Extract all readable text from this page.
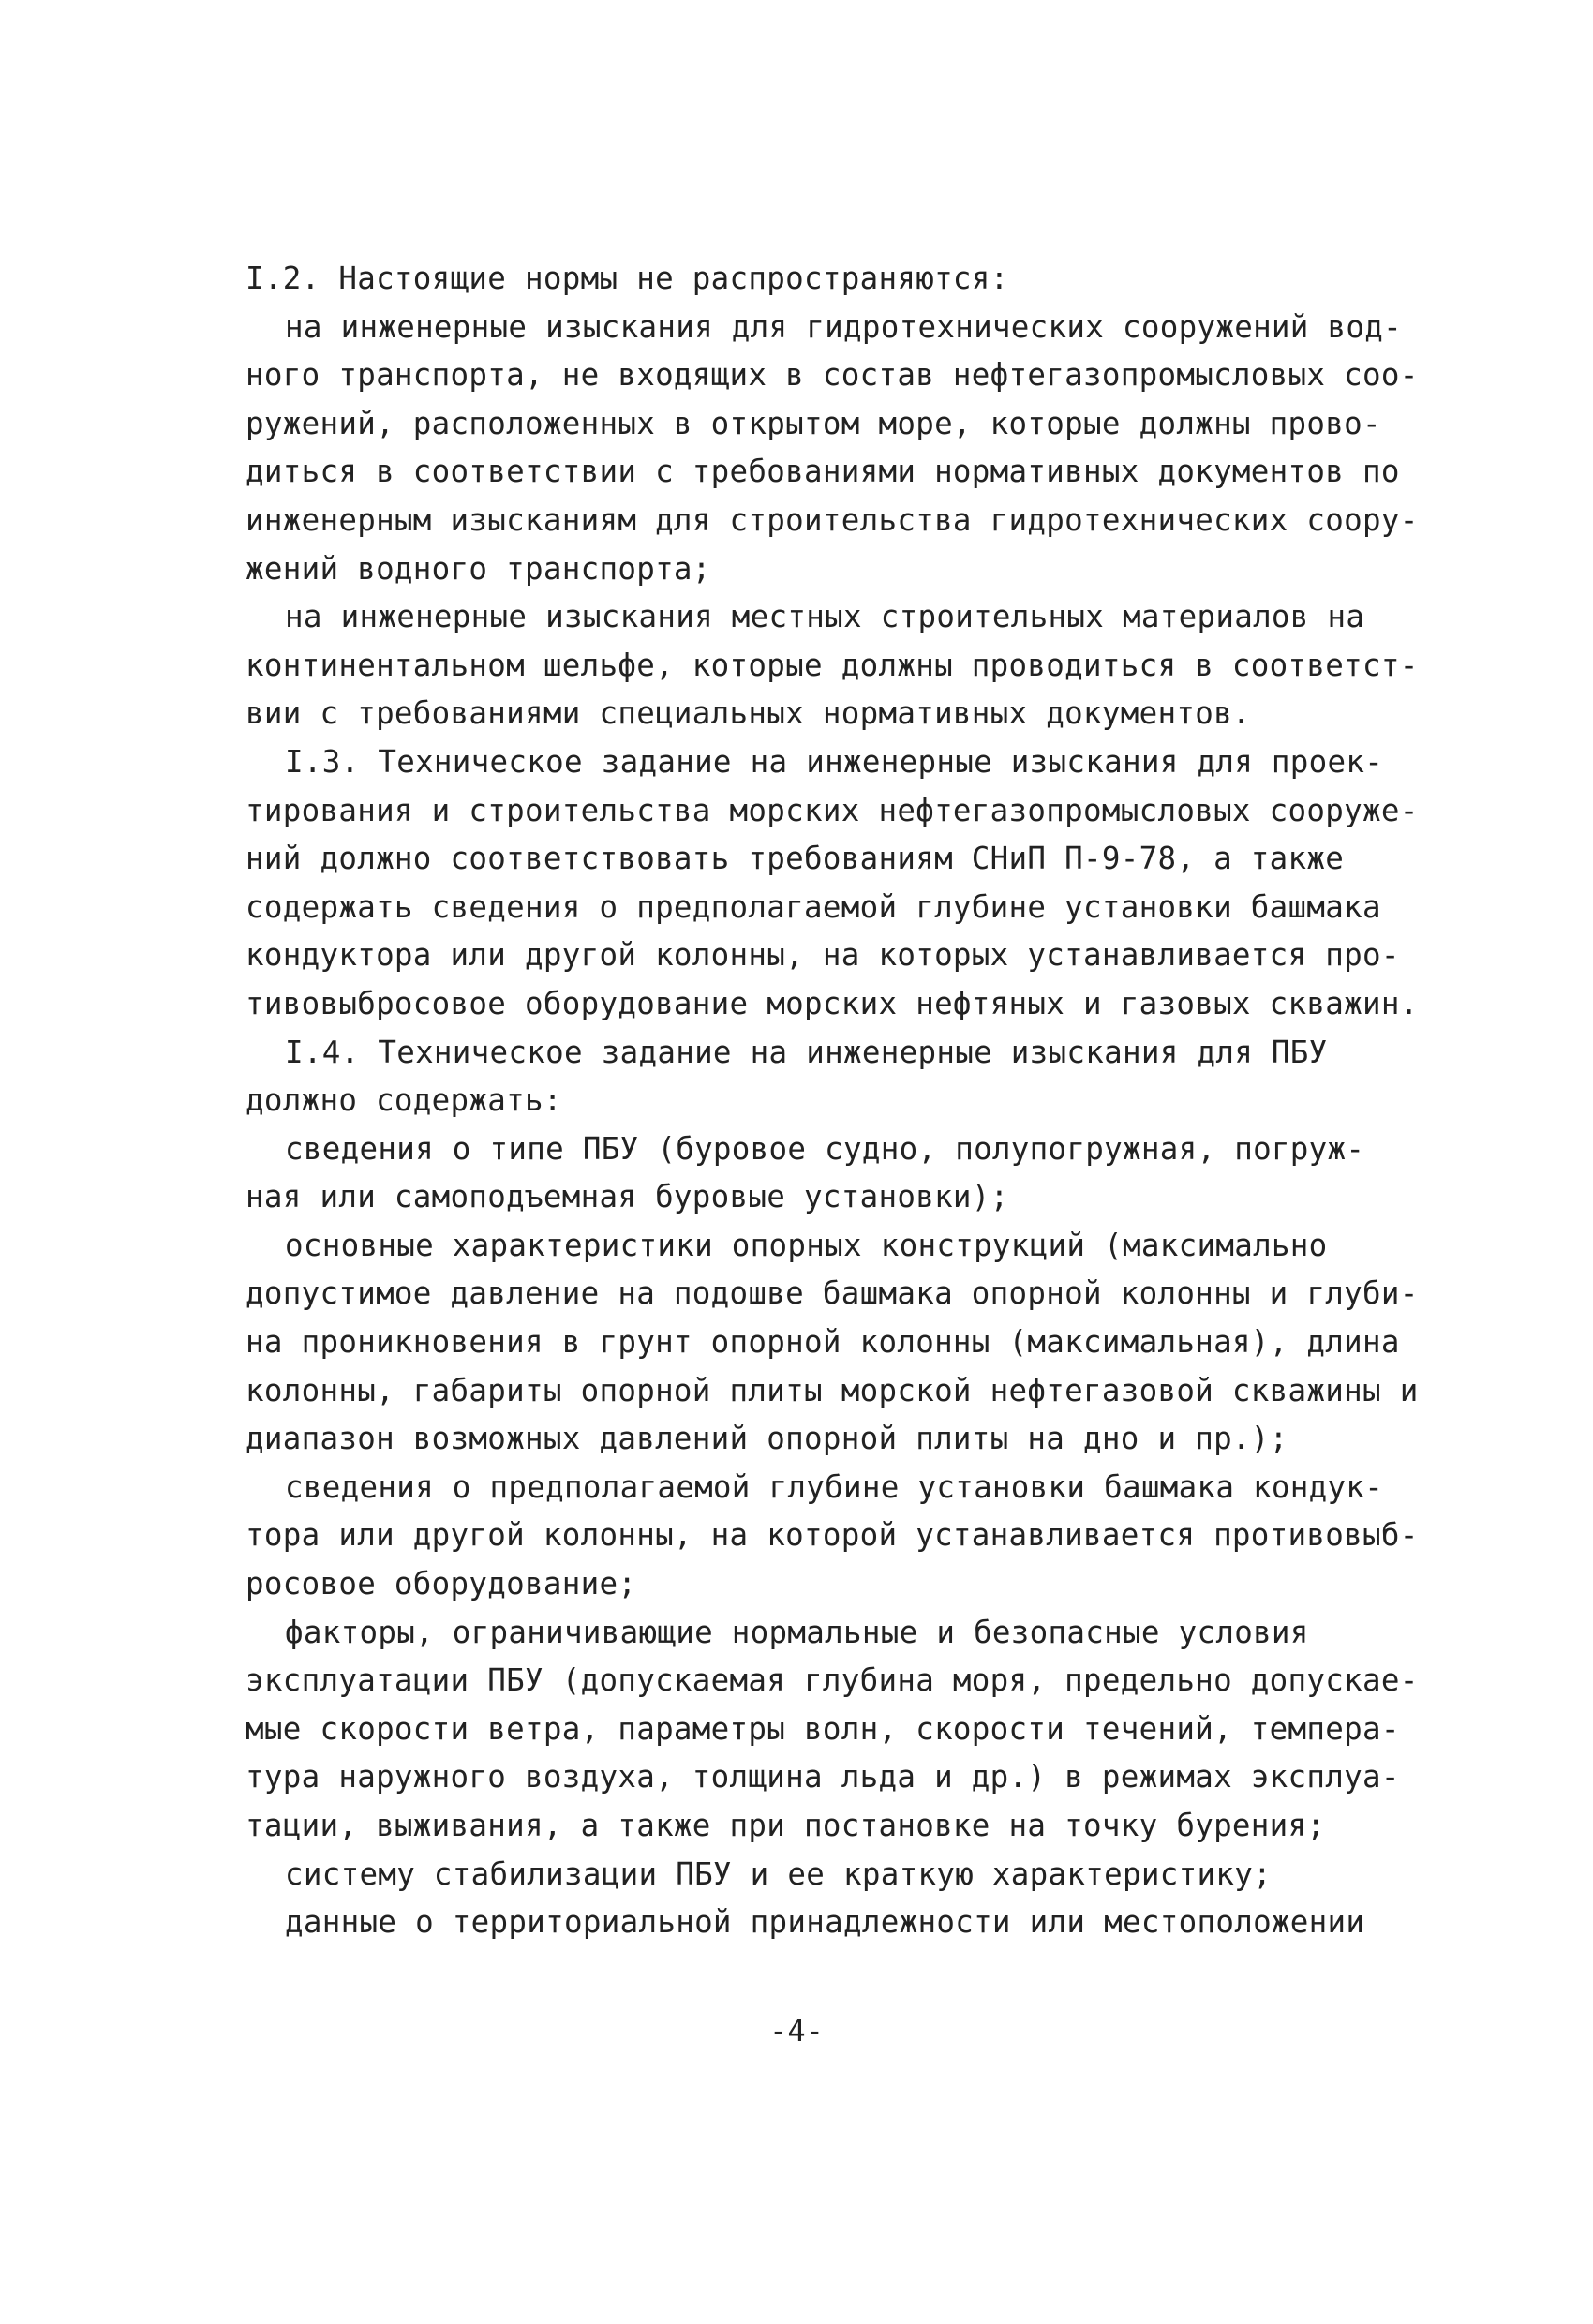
I.2. Настоящие нормы не распространяются:
на инженерные изыскания для гидротехнических сооружений вод-
ного транспорта, не входящих в состав нефтегазопромысловых соо-
ружений, расположенных в открытом море, которые должны прово-
диться в соответствии с требованиями нормативных документов по
инженерным изысканиям для строительства гидротехнических соору-
жений водного транспорта;
на инженерные изыскания местных строительных материалов на
континентальном шельфе, которые должны проводиться в соответст-
вии с требованиями специальных нормативных документов.
I.3. Техническое задание на инженерные изыскания для проек-
тирования и строительства морских нефтегазопромысловых сооруже-
ний должно соответствовать требованиям СНиП П-9-78, а также
содержать сведения о предполагаемой глубине установки башмака
кондуктора или другой колонны, на которых устанавливается про-
тивовыбросовое оборудование морских нефтяных и газовых скважин.
I.4. Техническое задание на инженерные изыскания для ПБУ
должно содержать:
сведения о типе ПБУ (буровое судно, полупогружная, погруж-
ная или самоподъемная буровые установки);
основные характеристики опорных конструкций (максимально
допустимое давление на подошве башмака опорной колонны и глуби-
на проникновения в грунт опорной колонны (максимальная), длина
колонны, габариты опорной плиты морской нефтегазовой скважины и
диапазон возможных давлений опорной плиты на дно и пр.);
сведения о предполагаемой глубине установки башмака кондук-
тора или другой колонны, на которой устанавливается противовыб-
росовое оборудование;
факторы, ограничивающие нормальные и безопасные условия
эксплуатации ПБУ (допускаемая глубина моря, предельно допускае-
мые скорости ветра, параметры волн, скорости течений, темпера-
тура наружного воздуха, толщина льда и др.) в режимах эксплуа-
тации, выживания, а также при постановке на точку бурения;
систему стабилизации ПБУ и ее краткую характеристику;
данные о территориальной принадлежности или местоположении
-4-
